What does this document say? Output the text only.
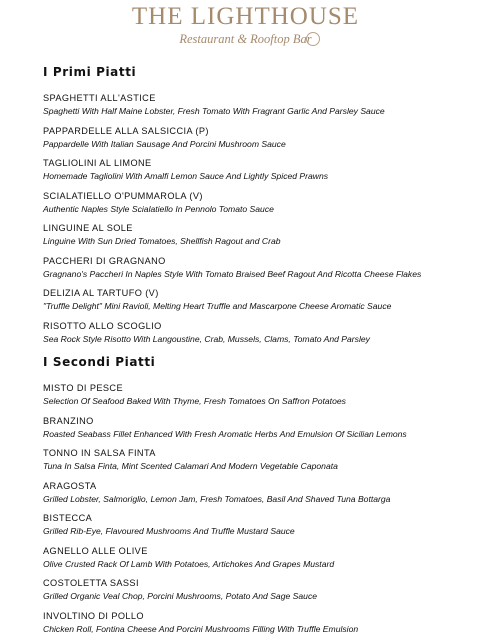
THE LIGHTHOUSE
Restaurant & Rooftop Bar
I Primi Piatti
SPAGHETTI ALL'ASTICE
Spaghetti With Half Maine Lobster, Fresh Tomato With Fragrant Garlic And Parsley Sauce
PAPPARDELLE ALLA SALSICCIA (P)
Pappardelle With Italian Sausage And Porcini Mushroom Sauce
TAGLIOLINI AL LIMONE
Homemade Tagliolini With Amalfi Lemon Sauce And Lightly Spiced Prawns
SCIALATIELLO O'PUMMAROLA (V)
Authentic Naples Style Scialatiello In Pennolo Tomato Sauce
LINGUINE AL SOLE
Linguine With Sun Dried Tomatoes, Shellfish Ragout and Crab
PACCHERI DI GRAGNANO
Gragnano's Paccheri In Naples Style With Tomato Braised Beef Ragout And Ricotta Cheese Flakes
DELIZIA AL TARTUFO (V)
"Truffle Delight" Mini Ravioli, Melting Heart Truffle and Mascarpone Cheese Aromatic Sauce
RISOTTO ALLO SCOGLIO
Sea Rock Style Risotto With Langoustine, Crab, Mussels, Clams, Tomato And Parsley
I Secondi Piatti
MISTO DI PESCE
Selection Of Seafood Baked With Thyme, Fresh Tomatoes On Saffron Potatoes
BRANZINO
Roasted Seabass Fillet Enhanced With Fresh Aromatic Herbs And Emulsion Of Sicilian Lemons
TONNO IN SALSA FINTA
Tuna In Salsa Finta, Mint Scented Calamari And Modern Vegetable Caponata
ARAGOSTA
Grilled Lobster, Salmoriglio, Lemon Jam, Fresh Tomatoes, Basil And Shaved Tuna Bottarga
BISTECCA
Grilled Rib-Eye, Flavoured Mushrooms And Truffle Mustard Sauce
AGNELLO ALLE OLIVE
Olive Crusted Rack Of Lamb With Potatoes, Artichokes And Grapes Mustard
COSTOLETTA SASSI
Grilled Organic Veal Chop, Porcini Mushrooms, Potato And Sage Sauce
INVOLTINO DI POLLO
Chicken Roll, Fontina Cheese And Porcini Mushrooms Filling With Truffle Emulsion
